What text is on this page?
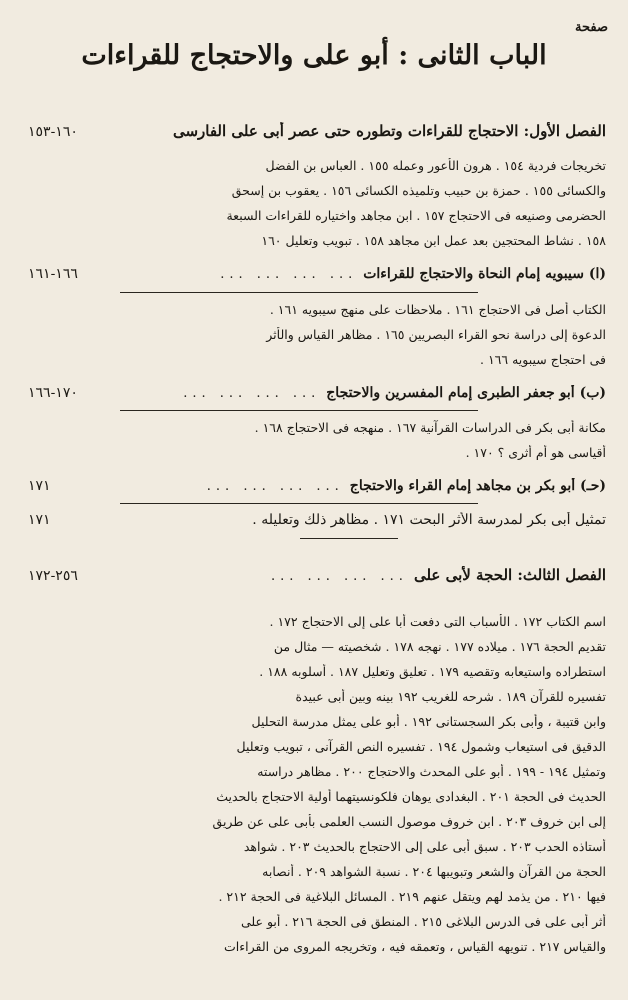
صفحة
الباب الثانى : أبو على والاحتجاج للقراءات
الفصل الأول: الاحتجاج للقراءات وتطوره حتى عصر أبى على الفارسى
١٦٠-١٥٣
تخريجات فردية ١٥٤ . هرون الأعور وعمله ١٥٥ . العباس بن الفضل
والكسائى ١٥٥ . حمزة بن حبيب وتلميذه الكسائى ١٥٦ . يعقوب بن إسحق
الحضرمى وصنيعه فى الاحتجاج ١٥٧ . ابن مجاهد واختياره للقراءات السبعة
١٥٨ . نشاط المحتجين بعد عمل ابن مجاهد ١٥٨ . تبويب وتعليل ١٦٠
(ا) سيبويه إمام النحاة والاحتجاج للقراءات
... ... ... ...
١٦٦-١٦١
الكتاب أصل فى الاحتجاج ١٦١ . ملاحظات على منهج سيبويه ١٦١ .
الدعوة إلى دراسة نحو القراء البصريين ١٦٥ . مظاهر القياس والأثر
فى احتجاج سيبويه ١٦٦ .
(ب) أبو جعفر الطبرى إمام المفسرين والاحتجاج
... ... ... ...
١٧٠-١٦٦
مكانة أبى بكر فى الدراسات القرآنية ١٦٧ . منهجه فى الاحتجاج ١٦٨ .
أقياسى هو أم أثرى ؟ ١٧٠ .
(حـ) أبو بكر بن مجاهد إمام القراء والاحتجاج
... ... ... ...
١٧١
تمثيل أبى بكر لمدرسة الأثر البحت ١٧١ . مظاهر ذلك وتعليله .
١٧١
الفصل الثالث: الحجة لأبى على
... ... ... ...
٢٥٦-١٧٢
اسم الكتاب ١٧٢ . الأسباب التى دفعت أبا على إلى الاحتجاج ١٧٢ .
تقديم الحجة ١٧٦ . ميلاده ١٧٧ . نهجه ١٧٨ . شخصيته — مثال من
استطراده واستيعابه وتقصيه ١٧٩ . تعليق وتعليل ١٨٧ . أسلوبه ١٨٨ .
تفسيره للقرآن ١٨٩ . شرحه للغريب ١٩٢ بينه وبين أبى عبيدة
وابن قتيبة ، وأبى بكر السجستانى ١٩٢ . أبو على يمثل مدرسة التحليل
الدقيق فى استيعاب وشمول ١٩٤ . تفسيره النص القرآنى ، تبويب وتعليل
وتمثيل ١٩٤ - ١٩٩ . أبو على المحدث والاحتجاج ٢٠٠ . مظاهر دراسته
الحديث فى الحجة ٢٠١ . البغدادى يوهان فلكونسيتهما أولية الاحتجاج بالحديث
إلى ابن خروف ٢٠٣ . ابن خروف موصول النسب العلمى بأبى على عن طريق
أستاذه الحدب ٢٠٣ . سبق أبى على إلى الاحتجاج بالحديث ٢٠٣ . شواهد
الحجة من القرآن والشعر وتبويبها ٢٠٤ . نسبة الشواهد ٢٠٩ . أنصابه
فيها ٢١٠ . من يذمد لهم ويتقل عنهم ٢١٩ . المسائل البلاغية فى الحجة ٢١٢ .
أثر أبى على فى الدرس البلاغى ٢١٥ . المنطق فى الحجة ٢١٦ . أبو على
والقياس ٢١٧ . تنويهه القياس ، وتعمقه فيه ، وتخريجه المروى من القراءات
